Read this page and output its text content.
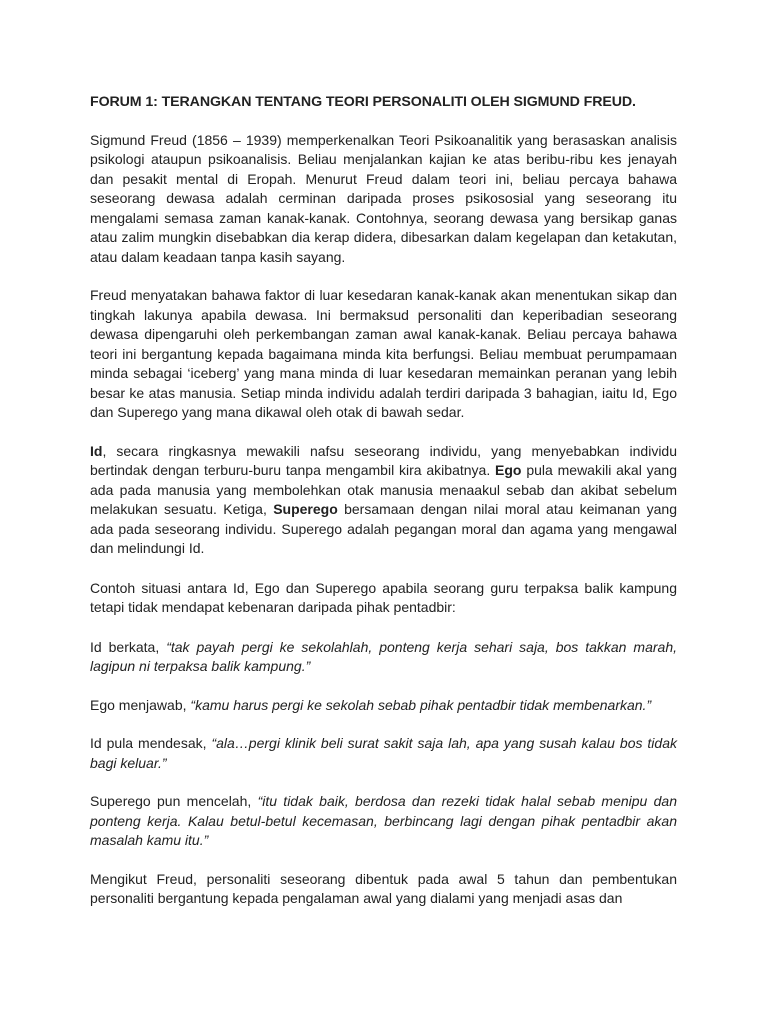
FORUM 1: TERANGKAN TENTANG TEORI PERSONALITI OLEH SIGMUND FREUD.

Sigmund Freud (1856 – 1939) memperkenalkan Teori Psikoanalitik yang berasaskan analisis psikologi ataupun psikoanalisis. Beliau menjalankan kajian ke atas beribu-ribu kes jenayah dan pesakit mental di Eropah. Menurut Freud dalam teori ini, beliau percaya bahawa seseorang dewasa adalah cerminan daripada proses psikososial yang seseorang itu mengalami semasa zaman kanak-kanak. Contohnya, seorang dewasa yang bersikap ganas atau zalim mungkin disebabkan dia kerap didera, dibesarkan dalam kegelapan dan ketakutan, atau dalam keadaan tanpa kasih sayang.

Freud menyatakan bahawa faktor di luar kesedaran kanak-kanak akan menentukan sikap dan tingkah lakunya apabila dewasa. Ini bermaksud personaliti dan keperibadian seseorang dewasa dipengaruhi oleh perkembangan zaman awal kanak-kanak. Beliau percaya bahawa teori ini bergantung kepada bagaimana minda kita berfungsi. Beliau membuat perumpamaan minda sebagai ‘iceberg’ yang mana minda di luar kesedaran memainkan peranan yang lebih besar ke atas manusia. Setiap minda individu adalah terdiri daripada 3 bahagian, iaitu Id, Ego dan Superego yang mana dikawal oleh otak di bawah sedar.

Id, secara ringkasnya mewakili nafsu seseorang individu, yang menyebabkan individu bertindak dengan terburu-buru tanpa mengambil kira akibatnya. Ego pula mewakili akal yang ada pada manusia yang membolehkan otak manusia menaakul sebab dan akibat sebelum melakukan sesuatu. Ketiga, Superego bersamaan dengan nilai moral atau keimanan yang ada pada seseorang individu. Superego adalah pegangan moral dan agama yang mengawal dan melindungi Id.

Contoh situasi antara Id, Ego dan Superego apabila seorang guru terpaksa balik kampung tetapi tidak mendapat kebenaran daripada pihak pentadbir:

Id berkata, “tak payah pergi ke sekolahlah, ponteng kerja sehari saja, bos takkan marah, lagipun ni terpaksa balik kampung.”

Ego menjawab, “kamu harus pergi ke sekolah sebab pihak pentadbir tidak membenarkan.”

Id pula mendesak, “ala…pergi klinik beli surat sakit saja lah, apa yang susah kalau bos tidak bagi keluar.”

Superego pun mencelah, “itu tidak baik, berdosa dan rezeki tidak halal sebab menipu dan ponteng kerja. Kalau betul-betul kecemasan, berbincang lagi dengan pihak pentadbir akan masalah kamu itu.”

Mengikut Freud, personaliti seseorang dibentuk pada awal 5 tahun dan pembentukan personaliti bergantung kepada pengalaman awal yang dialami yang menjadi asas dan
